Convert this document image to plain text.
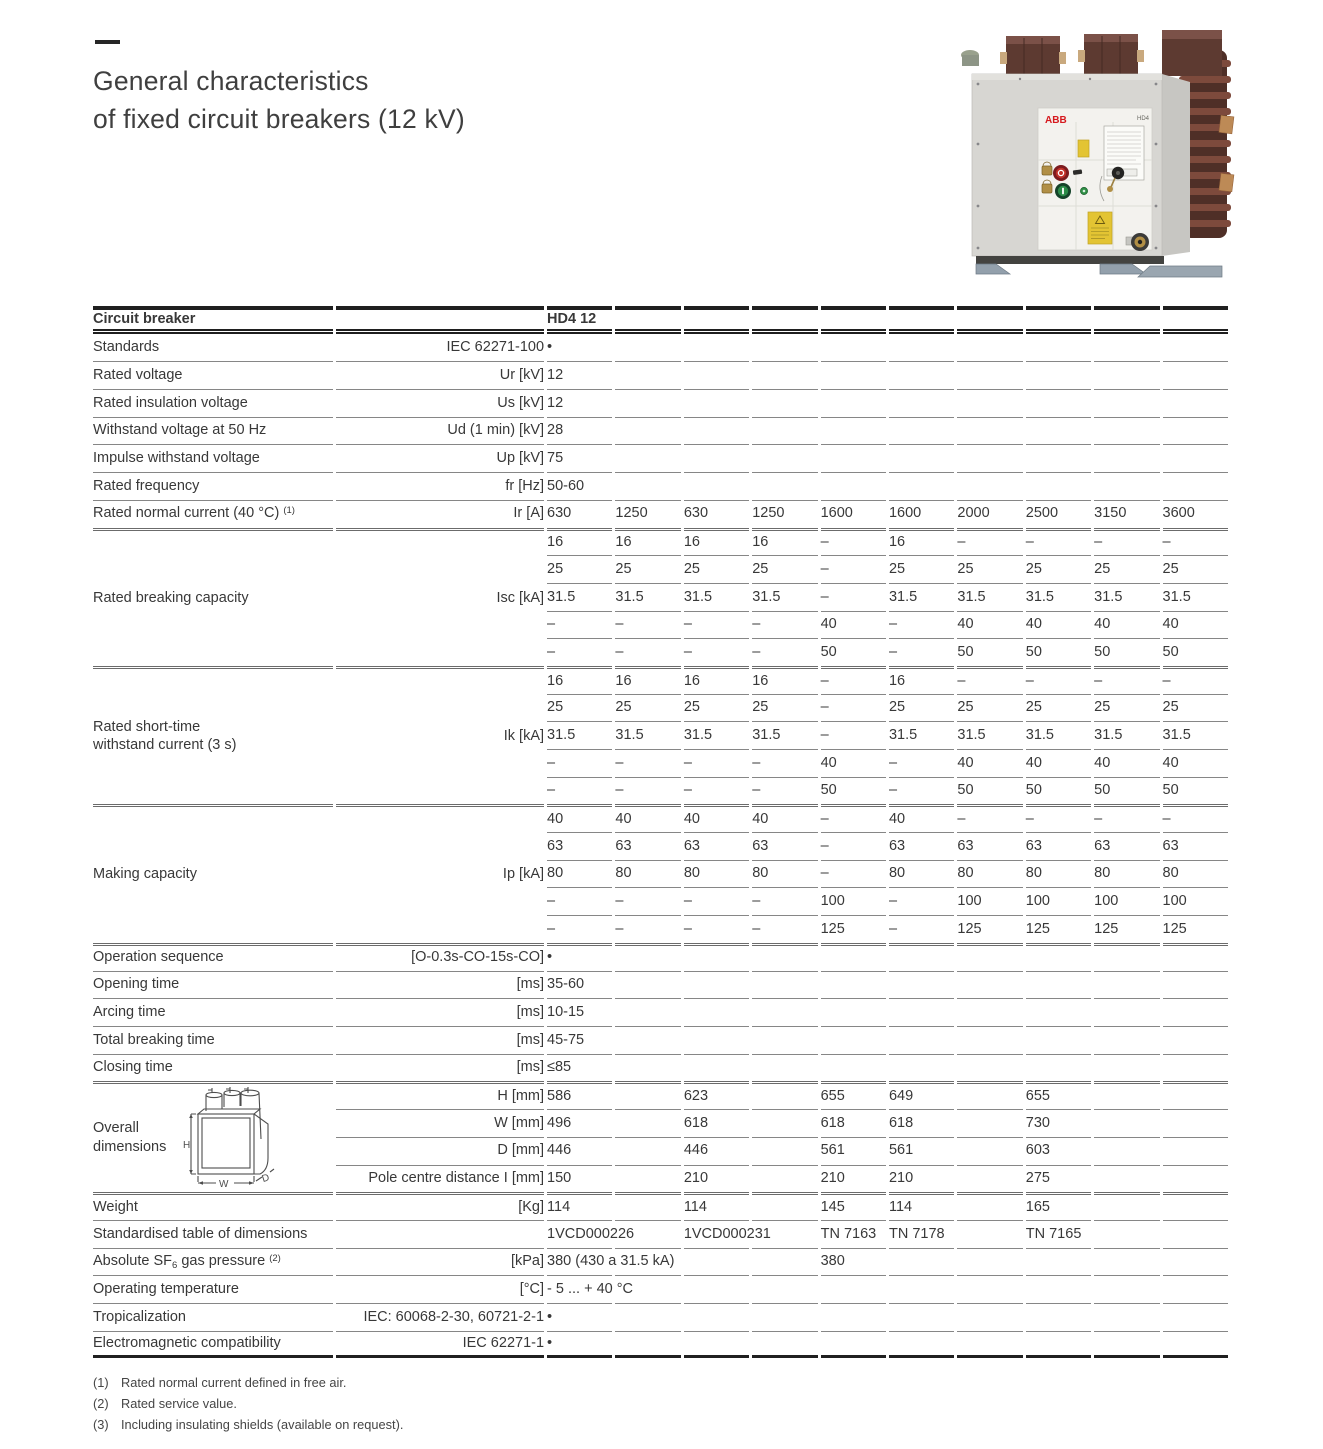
General characteristics
of fixed circuit breakers (12 kV)	ABB	HD4
Circuit breaker		HD4 12									
Standards	IEC 62271-100	•									
Rated voltage	Ur [kV]	12									
Rated insulation voltage	Us [kV]	12									
Withstand voltage at 50 Hz	Ud (1 min) [kV]	28									
Impulse withstand voltage	Up [kV]	75									
Rated frequency	fr [Hz]	50-60									
Rated normal current (40 °C) $^{(1)}$	Ir [A]	630	1250	630	1250	1600	1600	2000	2500	3150	3600
Rated breaking capacity	Isc [kA]	16	16	16	16	–	16	–	–	–	–
		25	25	25	25	–	25	25	25	25	25
		31.5	31.5	31.5	31.5	–	31.5	31.5	31.5	31.5	31.5
		–	–	–	–	40	–	40	40	40	40
		–	–	–	–	50	–	50	50	50	50
Rated short-time
withstand current (3 s)	Ik [kA]	16	16	16	16	–	16	–	–	–	–
		25	25	25	25	–	25	25	25	25	25
		31.5	31.5	31.5	31.5	–	31.5	31.5	31.5	31.5	31.5
		–	–	–	–	40	–	40	40	40	40
		–	–	–	–	50	–	50	50	50	50
Making capacity	Ip [kA]	40	40	40	40	–	40	–	–	–	–
		63	63	63	63	–	63	63	63	63	63
		80	80	80	80	–	80	80	80	80	80
		–	–	–	–	100	–	100	100	100	100
		–	–	–	–	125	–	125	125	125	125
Operation sequence	[O-0.3s-CO-15s-CO]	•									
Opening time	[ms]	35-60									
Arcing time	[ms]	10-15									
Total breaking time	[ms]	45-75									
Closing time	[ms]	≤85									

Overall
dimensions H
W D	H [mm]	586		623		655	649		655		
	W [mm]	496		618		618	618		730		
	D [mm]	446		446		561	561		603		
	Pole centre distance I [mm]	150		210		210	210		275		
Weight	[Kg]	114		114		145	114		165		
Standardised table of dimensions		1VCD000226		1VCD000231		TN 7163	TN 7178		TN 7165		
Absolute $SF_6$ gas pressure $^{(2)}$	[kPa]	380 (430 a 31.5 kA)				380					
Operating temperature	[°C]	- 5 ... + 40 °C									
Tropicalization	IEC: 60068-2-30, 60721-2-1	•									
Electromagnetic compatibility	IEC 62271-1	•									
(1) Rated normal current defined in free air.
(2) Rated service value.
(3) Including insulating shields (available on request).
